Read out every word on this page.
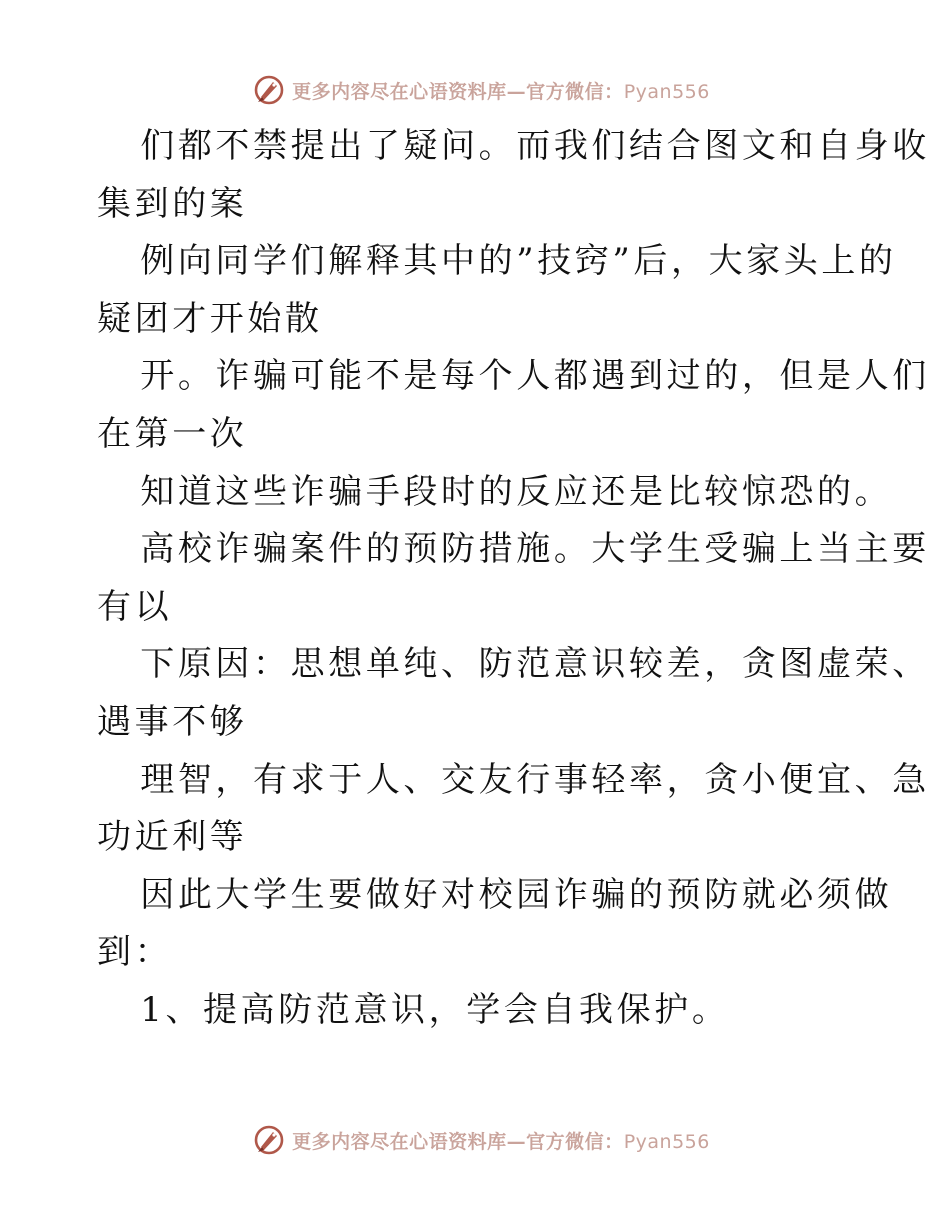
更多内容尽在心语资料库—官方微信：Pyan556

们都不禁提出了疑问。而我们结合图文和自身收

集到的案

例向同学们解释其中的”技窍”后，大家头上的

疑团才开始散

开。诈骗可能不是每个人都遇到过的，但是人们

在第一次

知道这些诈骗手段时的反应还是比较惊恐的。

高校诈骗案件的预防措施。大学生受骗上当主要

有以

下原因：思想单纯、防范意识较差，贪图虚荣、

遇事不够

理智，有求于人、交友行事轻率，贪小便宜、急

功近利等

因此大学生要做好对校园诈骗的预防就必须做

到：

1、提高防范意识，学会自我保护。

更多内容尽在心语资料库—官方微信：Pyan556
